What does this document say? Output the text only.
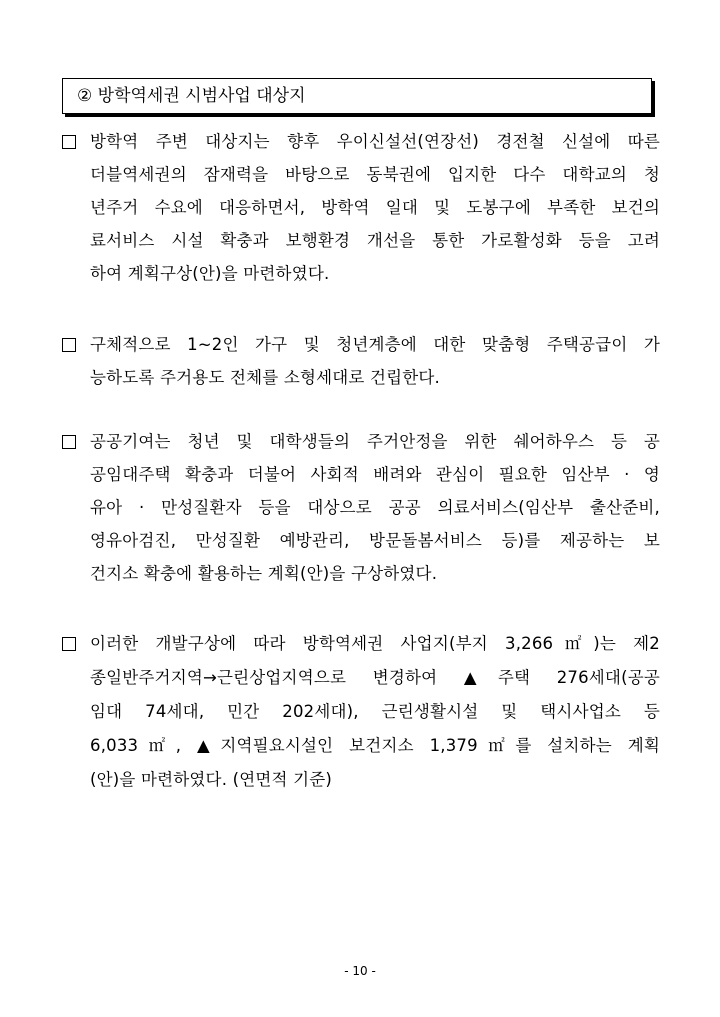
② 방학역세권 시범사업 대상지
방학역 주변 대상지는 향후 우이신설선(연장선) 경전철 신설에 따른
더블역세권의 잠재력을 바탕으로 동북권에 입지한 다수 대학교의 청
년주거 수요에 대응하면서, 방학역 일대 및 도봉구에 부족한 보건의
료서비스 시설 확충과 보행환경 개선을 통한 가로활성화 등을 고려
하여 계획구상(안)을 마련하였다.
구체적으로 1~2인 가구 및 청년계층에 대한 맞춤형 주택공급이 가
능하도록 주거용도 전체를 소형세대로 건립한다.
공공기여는 청년 및 대학생들의 주거안정을 위한 쉐어하우스 등 공
공임대주택 확충과 더불어 사회적 배려와 관심이 필요한 임산부 · 영
유아 · 만성질환자 등을 대상으로 공공 의료서비스(임산부 출산준비,
영유아검진, 만성질환 예방관리, 방문돌봄서비스 등)를 제공하는 보
건지소 확충에 활용하는 계획(안)을 구상하였다.
이러한 개발구상에 따라 방학역세권 사업지(부지 3,266㎡)는 제2
종일반주거지역→근린상업지역으로 변경하여 ▲주택 276세대(공공
임대 74세대, 민간 202세대), 근린생활시설 및 택시사업소 등
6,033㎡, ▲지역필요시설인 보건지소 1,379㎡를 설치하는 계획
(안)을 마련하였다. (연면적 기준)
- 10 -
